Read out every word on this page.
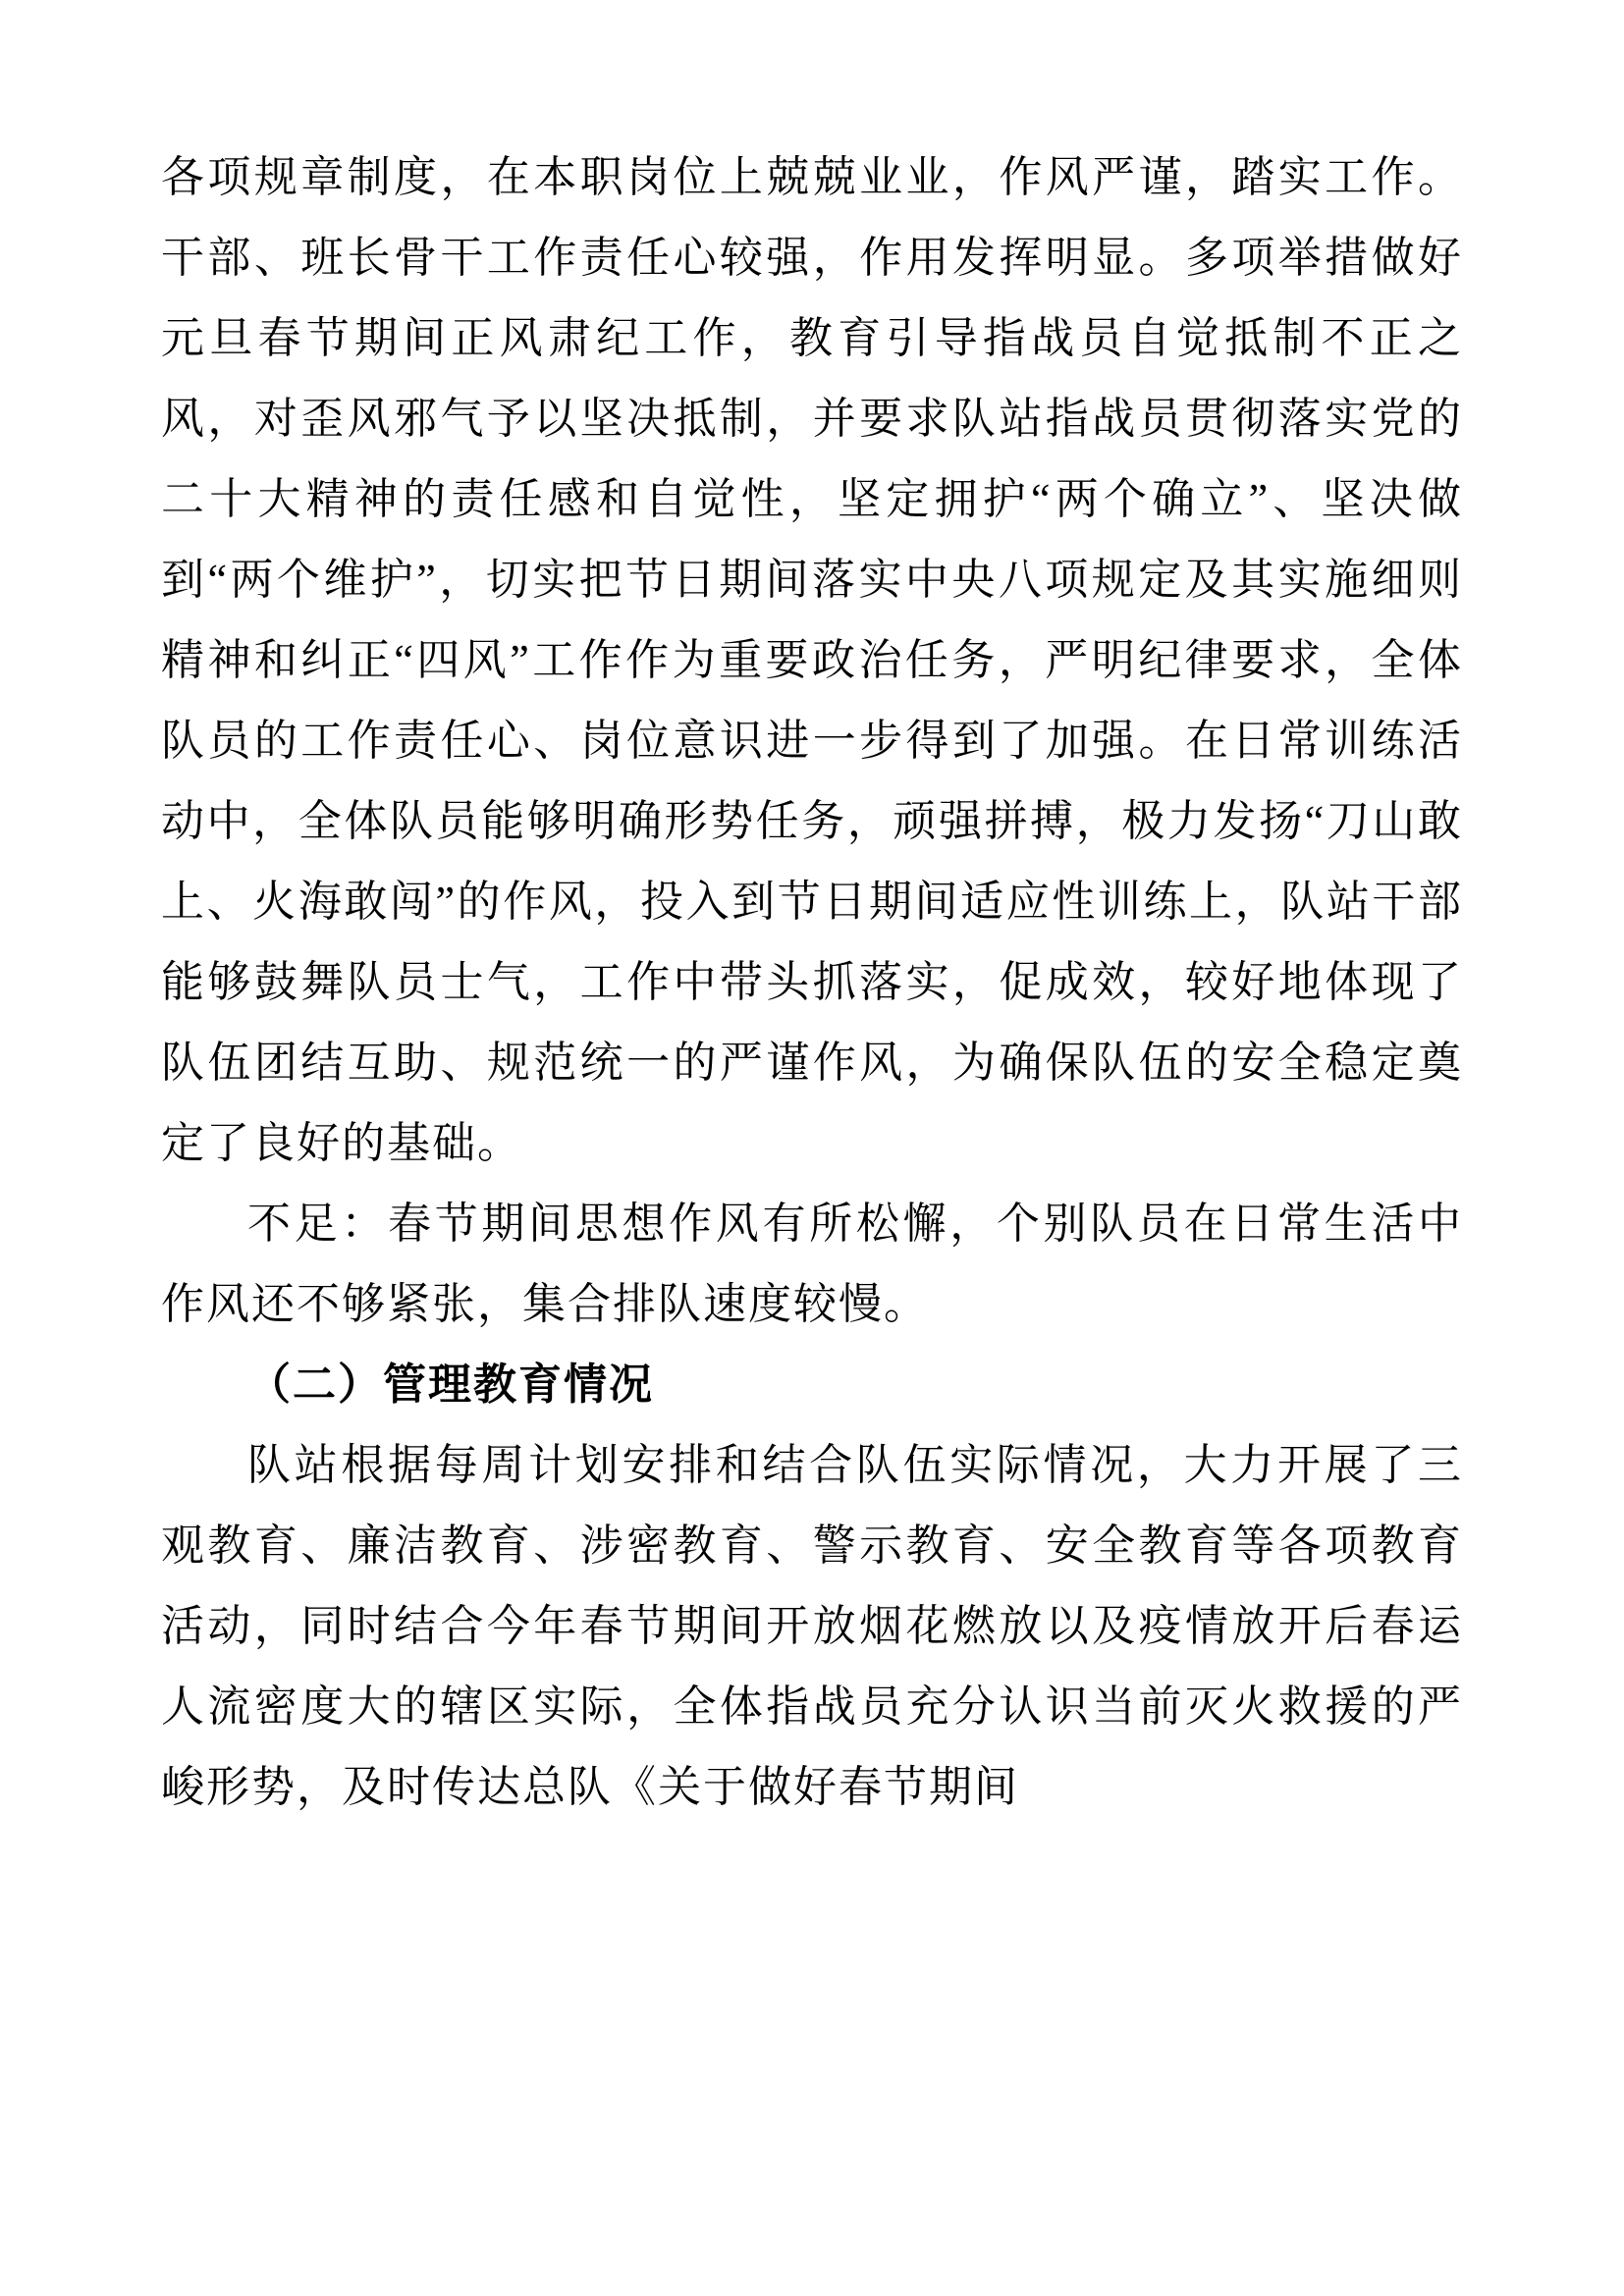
各项规章制度，在本职岗位上兢兢业业，作风严谨，踏实工作。干部、班长骨干工作责任心较强，作用发挥明显。多项举措做好元旦春节期间正风肃纪工作，教育引导指战员自觉抵制不正之风，对歪风邪气予以坚决抵制，并要求队站指战员贯彻落实党的二十大精神的责任感和自觉性，坚定拥护“两个确立”、坚决做到“两个维护”，切实把节日期间落实中央八项规定及其实施细则精神和纠正“四风”工作作为重要政治任务，严明纪律要求，全体队员的工作责任心、岗位意识进一步得到了加强。在日常训练活动中，全体队员能够明确形势任务，顽强拼搏，极力发扬“刀山敢上、火海敢闯”的作风，投入到节日期间适应性训练上，队站干部能够鼓舞队员士气，工作中带头抓落实，促成效，较好地体现了队伍团结互助、规范统一的严谨作风，为确保队伍的安全稳定奠定了良好的基础。

不足：春节期间思想作风有所松懈，个别队员在日常生活中作风还不够紧张，集合排队速度较慢。

（二）管理教育情况

队站根据每周计划安排和结合队伍实际情况，大力开展了三观教育、廉洁教育、涉密教育、警示教育、安全教育等各项教育活动，同时结合今年春节期间开放烟花燃放以及疫情放开后春运人流密度大的辖区实际，全体指战员充分认识当前灭火救援的严峻形势，及时传达总队《关于做好春节期间
